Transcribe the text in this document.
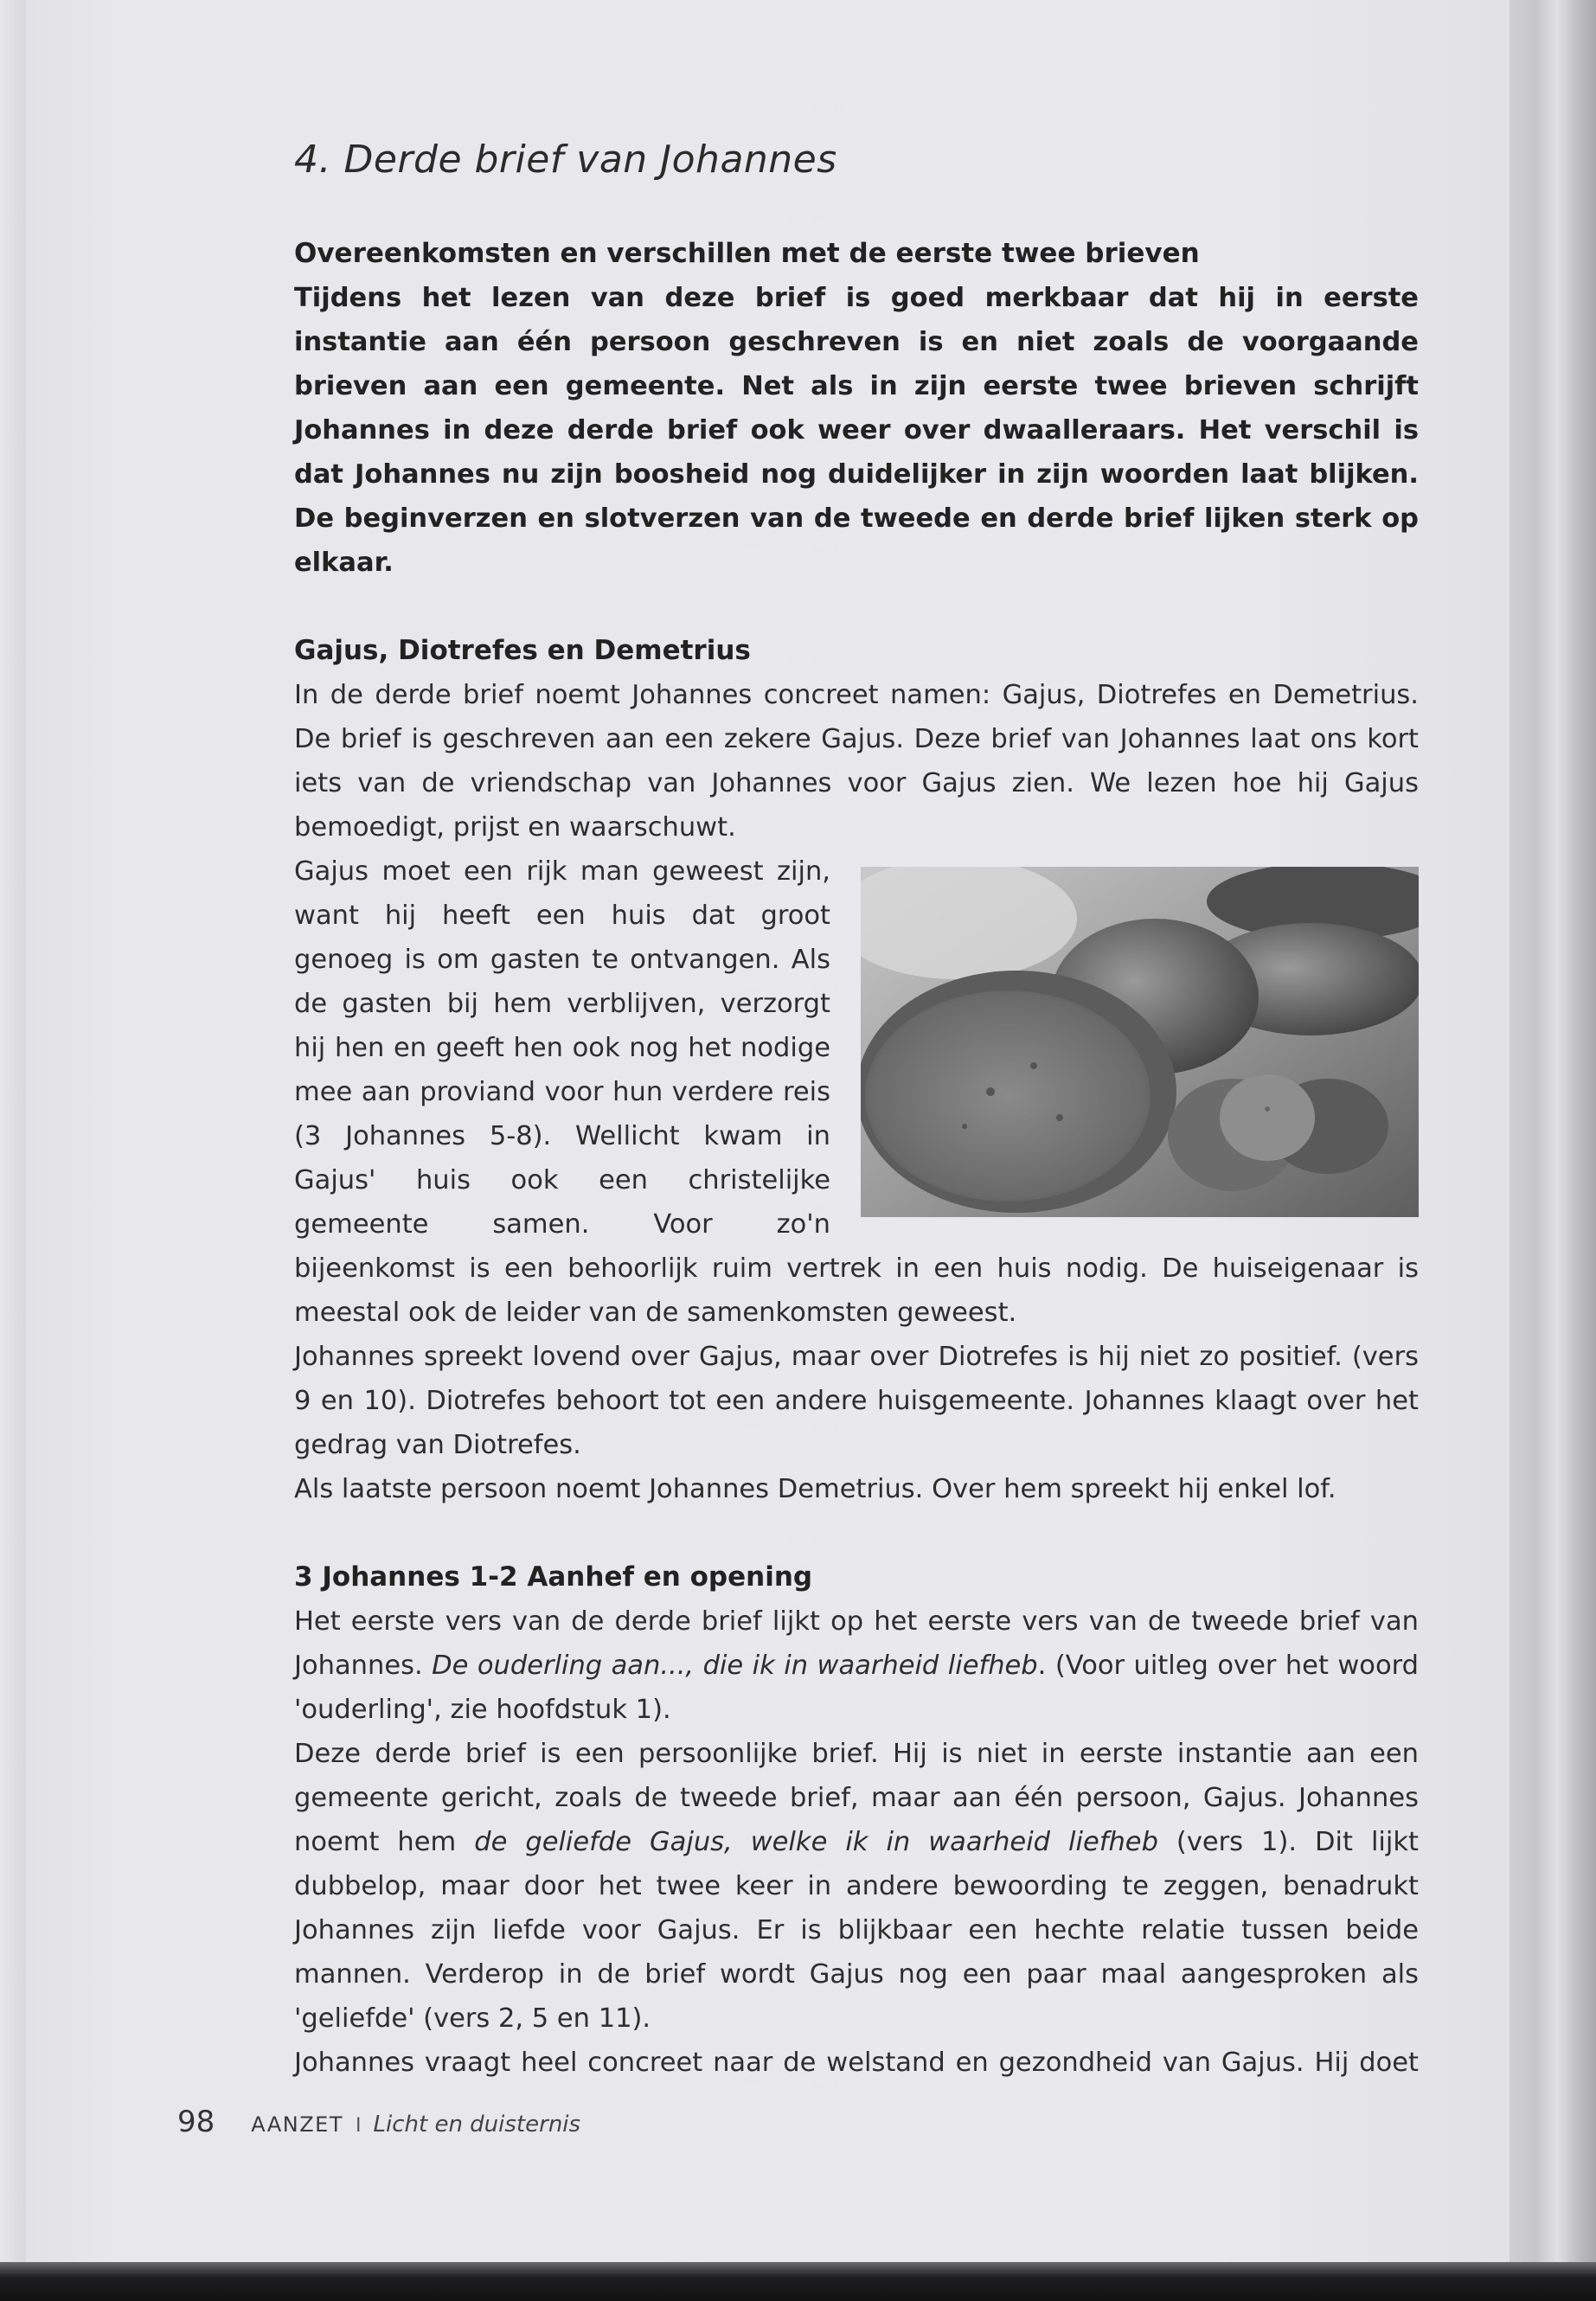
4. Derde brief van Johannes
Overeenkomsten en verschillen met de eerste twee brieven

Tijdens het lezen van deze brief is goed merkbaar dat hij in eerste instantie aan één persoon geschreven is en niet zoals de voorgaande brieven aan een gemeente. Net als in zijn eerste twee brieven schrijft Johannes in deze derde brief ook weer over dwaalleraars. Het verschil is dat Johannes nu zijn boosheid nog duidelijker in zijn woorden laat blijken. De beginverzen en slotverzen van de tweede en derde brief lijken sterk op elkaar.

Gajus, Diotrefes en Demetrius

In de derde brief noemt Johannes concreet namen: Gajus, Diotrefes en Demetrius. De brief is geschreven aan een zekere Gajus. Deze brief van Johannes laat ons kort iets van de vriendschap van Johannes voor Gajus zien. We lezen hoe hij Gajus bemoedigt, prijst en waarschuwt.

Gajus moet een rijk man geweest zijn, want hij heeft een huis dat groot genoeg is om gasten te ontvangen. Als de gasten bij hem verblijven, verzorgt hij hen en geeft hen ook nog het nodige mee aan proviand voor hun verdere reis (3 Johannes 5-8). Wellicht kwam in Gajus' huis ook een christelijke gemeente samen. Voor zo'n bijeenkomst is een behoorlijk ruim vertrek in een huis nodig. De huiseigenaar is meestal ook de leider van de samenkomsten geweest.

Johannes spreekt lovend over Gajus, maar over Diotrefes is hij niet zo positief. (vers 9 en 10). Diotrefes behoort tot een andere huisgemeente. Johannes klaagt over het gedrag van Diotrefes.

Als laatste persoon noemt Johannes Demetrius. Over hem spreekt hij enkel lof.

3 Johannes 1-2 Aanhef en opening

Het eerste vers van de derde brief lijkt op het eerste vers van de tweede brief van Johannes. De ouderling aan..., die ik in waarheid liefheb. (Voor uitleg over het woord 'ouderling', zie hoofdstuk 1).

Deze derde brief is een persoonlijke brief. Hij is niet in eerste instantie aan een gemeente gericht, zoals de tweede brief, maar aan één persoon, Gajus. Johannes noemt hem de geliefde Gajus, welke ik in waarheid liefheb (vers 1). Dit lijkt dubbelop, maar door het twee keer in andere bewoording te zeggen, benadrukt Johannes zijn liefde voor Gajus. Er is blijkbaar een hechte relatie tussen beide mannen. Verderop in de brief wordt Gajus nog een paar maal aangesproken als 'geliefde' (vers 2, 5 en 11).

Johannes vraagt heel concreet naar de welstand en gezondheid van Gajus. Hij doet

98 AANZET I Licht en duisternis
